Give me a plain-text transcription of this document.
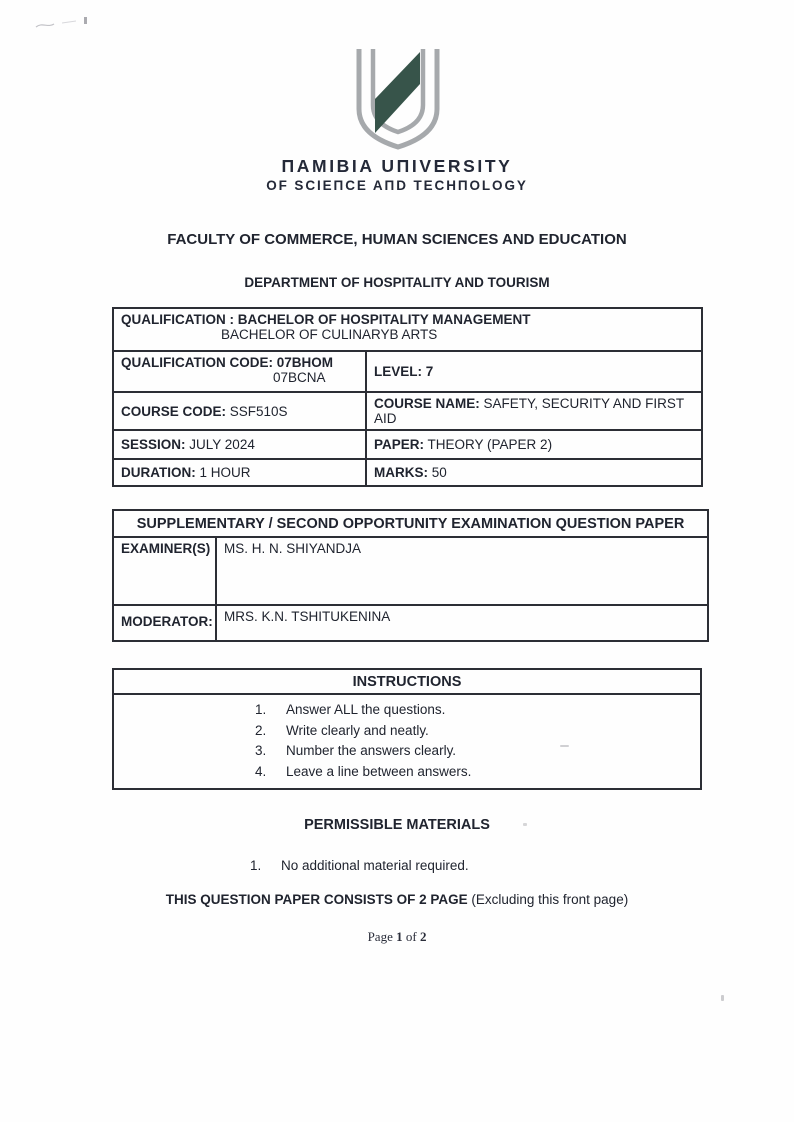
ΠAMIBIA UΠIVERSITY
OF SCIEΠCE AΠD TECHΠOLOGY
FACULTY OF COMMERCE, HUMAN SCIENCES AND EDUCATION
DEPARTMENT OF HOSPITALITY AND TOURISM
QUALIFICATION : BACHELOR OF HOSPITALITY MANAGEMENT
BACHELOR OF CULINARYB ARTS	

QUALIFICATION CODE: 07BHOM
07BCNA	LEVEL: 7
COURSE CODE: SSF510S	COURSE NAME: SAFETY, SECURITY AND FIRST AID
SESSION: JULY 2024	PAPER: THEORY (PAPER 2)
DURATION: 1 HOUR	MARKS: 50
SUPPLEMENTARY / SECOND OPPORTUNITY EXAMINATION QUESTION PAPER	
EXAMINER(S)	MS. H. N. SHIYANDJA
MODERATOR:	MRS. K.N. TSHITUKENINA
INSTRUCTIONS

1. Answer ALL the questions.
2. Write clearly and neatly.
3. Number the answers clearly.
4. Leave a line between answers.
PERMISSIBLE MATERIALS
1. No additional material required.
THIS QUESTION PAPER CONSISTS OF 2 PAGE (Excluding this front page)
Page 1 of 2
